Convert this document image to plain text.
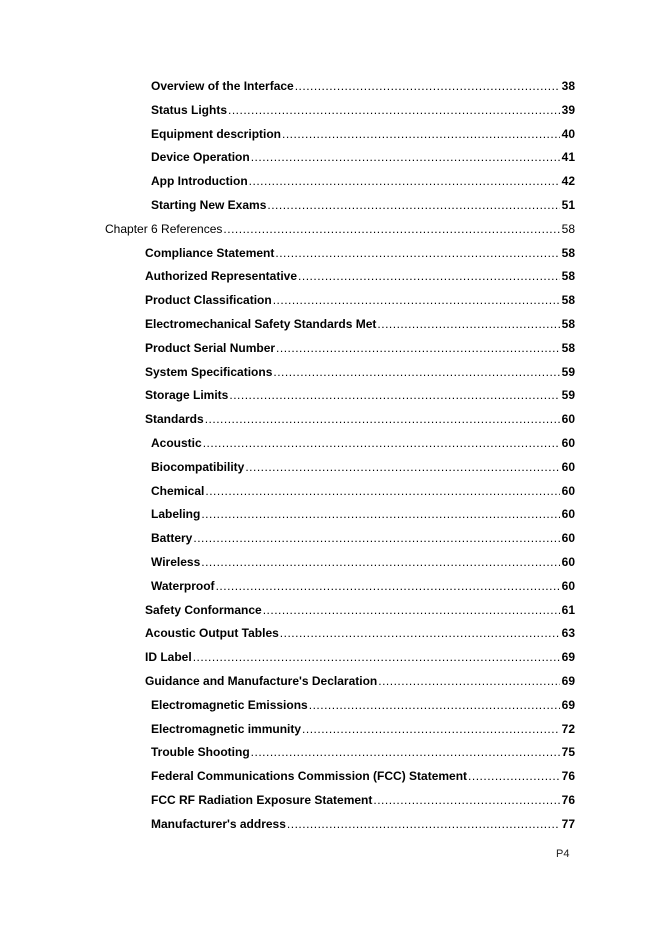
Overview of the Interface .....	38
Status Lights .....	39
Equipment description .....	40
Device Operation .....	41
App Introduction .....	42
Starting New Exams .....	51
Chapter 6 References .....	58
Compliance Statement .....	58
Authorized Representative .....	58
Product Classification .....	58
Electromechanical Safety Standards Met .....	58
Product Serial Number .....	58
System Specifications .....	59
Storage Limits .....	59
Standards .....	60
Acoustic .....	60
Biocompatibility .....	60
Chemical .....	60
Labeling .....	60
Battery .....	60
Wireless .....	60
Waterproof .....	60
Safety Conformance .....	61
Acoustic Output Tables .....	63
ID Label .....	69
Guidance and Manufacture's Declaration .....	69
Electromagnetic Emissions .....	69
Electromagnetic immunity .....	72
Trouble Shooting .....	75
Federal Communications Commission (FCC) Statement .....	76
FCC RF Radiation Exposure Statement .....	76
Manufacturer's address .....	77
P4
